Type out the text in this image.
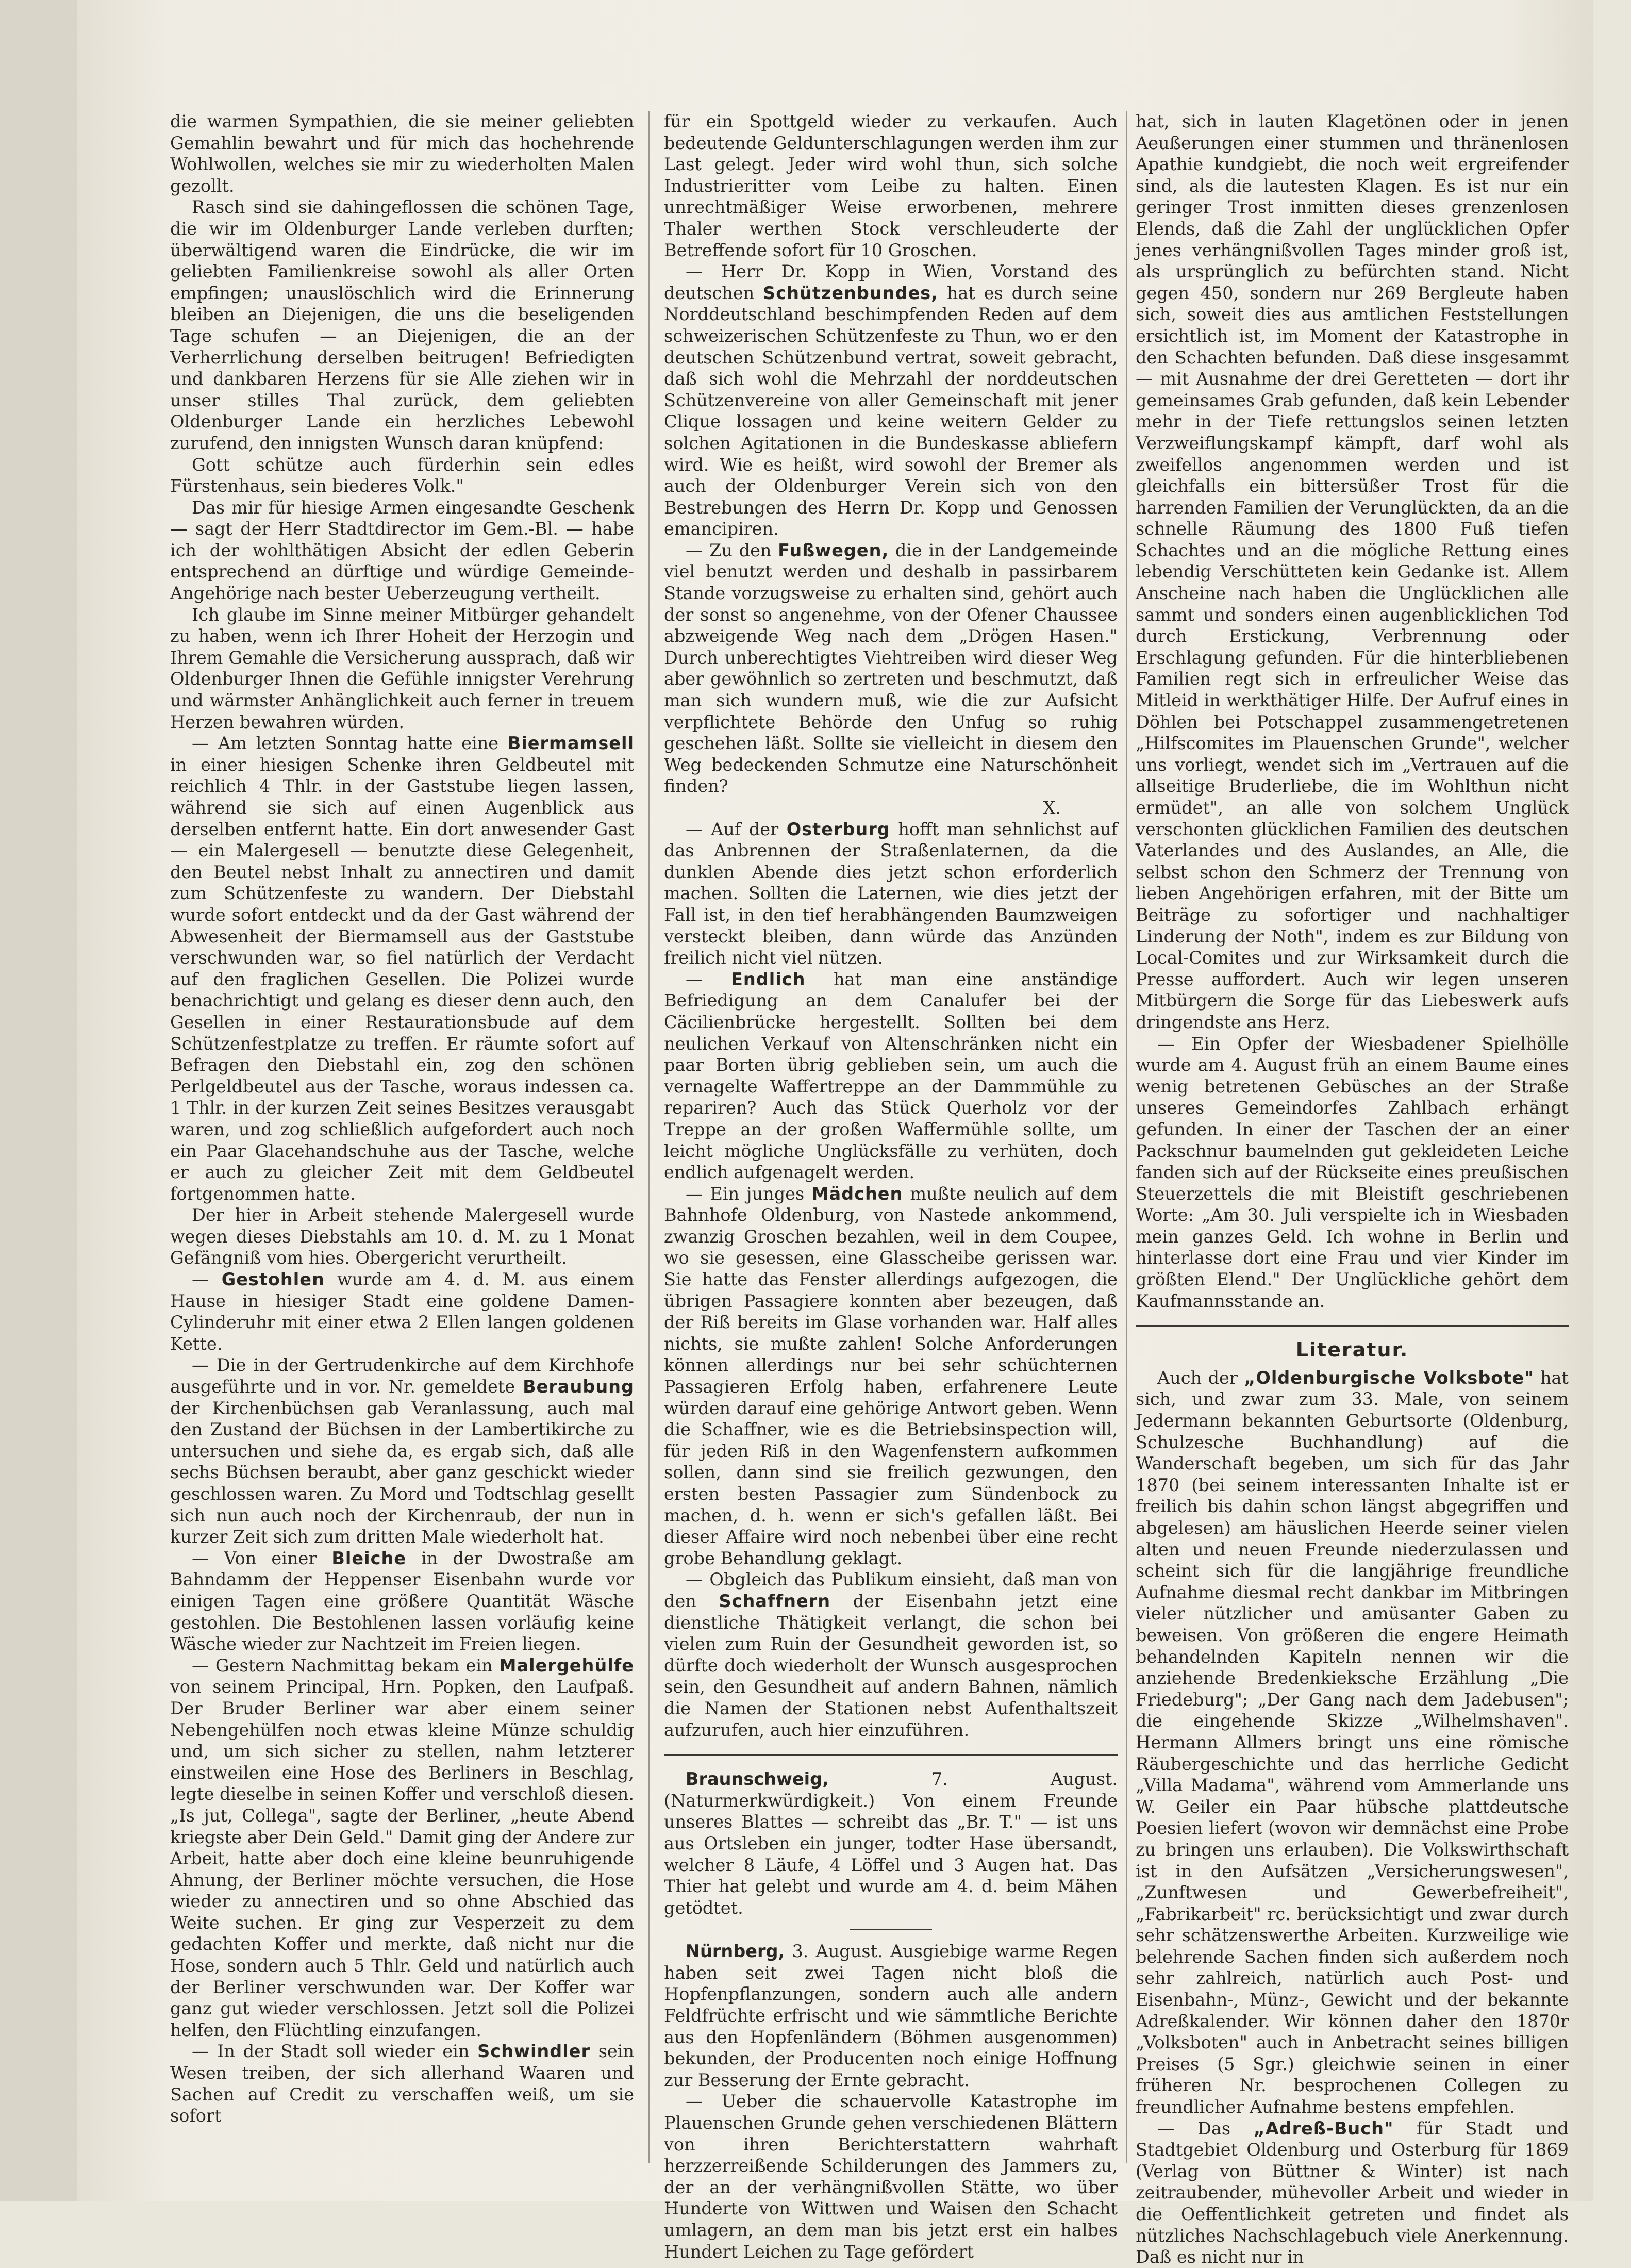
die warmen Sympathien, die sie meiner geliebten Gemahlin bewahrt und für mich das hochehrende Wohlwollen, welches sie mir zu wiederholten Malen gezollt.

Rasch sind sie dahingeflossen die schönen Tage, die wir im Oldenburger Lande verleben durften; überwältigend waren die Eindrücke, die wir im geliebten Familienkreise sowohl als aller Orten empfingen; unauslöschlich wird die Erinnerung bleiben an Diejenigen, die uns die beseligenden Tage schufen — an Diejenigen, die an der Verherrlichung derselben beitrugen! Befriedigten und dankbaren Herzens für sie Alle ziehen wir in unser stilles Thal zurück, dem geliebten Oldenburger Lande ein herzliches Lebewohl zurufend, den innigsten Wunsch daran knüpfend:

Gott schütze auch fürderhin sein edles Fürstenhaus, sein biederes Volk."

Das mir für hiesige Armen eingesandte Geschenk — sagt der Herr Stadtdirector im Gem.-Bl. — habe ich der wohlthätigen Absicht der edlen Geberin entsprechend an dürftige und würdige Gemeinde-Angehörige nach bester Ueberzeugung vertheilt.

Ich glaube im Sinne meiner Mitbürger gehandelt zu haben, wenn ich Ihrer Hoheit der Herzogin und Ihrem Gemahle die Versicherung aussprach, daß wir Oldenburger Ihnen die Gefühle innigster Verehrung und wärmster Anhänglichkeit auch ferner in treuem Herzen bewahren würden.

— Am letzten Sonntag hatte eine Biermamsell in einer hiesigen Schenke ihren Geldbeutel mit reichlich 4 Thlr. in der Gaststube liegen lassen, während sie sich auf einen Augenblick aus derselben entfernt hatte. Ein dort anwesender Gast — ein Malergesell — benutzte diese Gelegenheit, den Beutel nebst Inhalt zu annectiren und damit zum Schützenfeste zu wandern. Der Diebstahl wurde sofort entdeckt und da der Gast während der Abwesenheit der Biermamsell aus der Gaststube verschwunden war, so fiel natürlich der Verdacht auf den fraglichen Gesellen. Die Polizei wurde benachrichtigt und gelang es dieser denn auch, den Gesellen in einer Restaurationsbude auf dem Schützenfestplatze zu treffen. Er räumte sofort auf Befragen den Diebstahl ein, zog den schönen Perlgeldbeutel aus der Tasche, woraus indessen ca. 1 Thlr. in der kurzen Zeit seines Besitzes verausgabt waren, und zog schließlich aufgefordert auch noch ein Paar Glacehandschuhe aus der Tasche, welche er auch zu gleicher Zeit mit dem Geldbeutel fortgenommen hatte.

Der hier in Arbeit stehende Malergesell wurde wegen dieses Diebstahls am 10. d. M. zu 1 Monat Gefängniß vom hies. Obergericht verurtheilt.

— Gestohlen wurde am 4. d. M. aus einem Hause in hiesiger Stadt eine goldene Damen-Cylinderuhr mit einer etwa 2 Ellen langen goldenen Kette.

— Die in der Gertrudenkirche auf dem Kirchhofe ausgeführte und in vor. Nr. gemeldete Beraubung der Kirchenbüchsen gab Veranlassung, auch mal den Zustand der Büchsen in der Lambertikirche zu untersuchen und siehe da, es ergab sich, daß alle sechs Büchsen beraubt, aber ganz geschickt wieder geschlossen waren. Zu Mord und Todtschlag gesellt sich nun auch noch der Kirchenraub, der nun in kurzer Zeit sich zum dritten Male wiederholt hat.

— Von einer Bleiche in der Dwostraße am Bahndamm der Heppenser Eisenbahn wurde vor einigen Tagen eine größere Quantität Wäsche gestohlen. Die Bestohlenen lassen vorläufig keine Wäsche wieder zur Nachtzeit im Freien liegen.

— Gestern Nachmittag bekam ein Malergehülfe von seinem Principal, Hrn. Popken, den Laufpaß. Der Bruder Berliner war aber einem seiner Nebengehülfen noch etwas kleine Münze schuldig und, um sich sicher zu stellen, nahm letzterer einstweilen eine Hose des Berliners in Beschlag, legte dieselbe in seinen Koffer und verschloß diesen. „Is jut, Collega", sagte der Berliner, „heute Abend kriegste aber Dein Geld." Damit ging der Andere zur Arbeit, hatte aber doch eine kleine beunruhigende Ahnung, der Berliner möchte versuchen, die Hose wieder zu annectiren und so ohne Abschied das Weite suchen. Er ging zur Vesperzeit zu dem gedachten Koffer und merkte, daß nicht nur die Hose, sondern auch 5 Thlr. Geld und natürlich auch der Berliner verschwunden war. Der Koffer war ganz gut wieder verschlossen. Jetzt soll die Polizei helfen, den Flüchtling einzufangen.

— In der Stadt soll wieder ein Schwindler sein Wesen treiben, der sich allerhand Waaren und Sachen auf Credit zu verschaffen weiß, um sie sofort

für ein Spottgeld wieder zu verkaufen. Auch bedeutende Geldunterschlagungen werden ihm zur Last gelegt. Jeder wird wohl thun, sich solche Industrieritter vom Leibe zu halten. Einen unrechtmäßiger Weise erworbenen, mehrere Thaler werthen Stock verschleuderte der Betreffende sofort für 10 Groschen.

— Herr Dr. Kopp in Wien, Vorstand des deutschen Schützenbundes, hat es durch seine Norddeutschland beschimpfenden Reden auf dem schweizerischen Schützenfeste zu Thun, wo er den deutschen Schützenbund vertrat, soweit gebracht, daß sich wohl die Mehrzahl der norddeutschen Schützenvereine von aller Gemeinschaft mit jener Clique lossagen und keine weitern Gelder zu solchen Agitationen in die Bundeskasse abliefern wird. Wie es heißt, wird sowohl der Bremer als auch der Oldenburger Verein sich von den Bestrebungen des Herrn Dr. Kopp und Genossen emancipiren.

— Zu den Fußwegen, die in der Landgemeinde viel benutzt werden und deshalb in passirbarem Stande vorzugsweise zu erhalten sind, gehört auch der sonst so angenehme, von der Ofener Chaussee abzweigende Weg nach dem „Drögen Hasen." Durch unberechtigtes Viehtreiben wird dieser Weg aber gewöhnlich so zertreten und beschmutzt, daß man sich wundern muß, wie die zur Aufsicht verpflichtete Behörde den Unfug so ruhig geschehen läßt. Sollte sie vielleicht in diesem den Weg bedeckenden Schmutze eine Naturschönheit finden?

X.

— Auf der Osterburg hofft man sehnlichst auf das Anbrennen der Straßenlaternen, da die dunklen Abende dies jetzt schon erforderlich machen. Sollten die Laternen, wie dies jetzt der Fall ist, in den tief herabhängenden Baumzweigen versteckt bleiben, dann würde das Anzünden freilich nicht viel nützen.

— Endlich hat man eine anständige Befriedigung an dem Canalufer bei der Cäcilienbrücke hergestellt. Sollten bei dem neulichen Verkauf von Altenschränken nicht ein paar Borten übrig geblieben sein, um auch die vernagelte Waffertreppe an der Dammmühle zu repariren? Auch das Stück Querholz vor der Treppe an der großen Waffermühle sollte, um leicht mögliche Unglücksfälle zu verhüten, doch endlich aufgenagelt werden.

— Ein junges Mädchen mußte neulich auf dem Bahnhofe Oldenburg, von Nastede ankommend, zwanzig Groschen bezahlen, weil in dem Coupee, wo sie gesessen, eine Glasscheibe gerissen war. Sie hatte das Fenster allerdings aufgezogen, die übrigen Passagiere konnten aber bezeugen, daß der Riß bereits im Glase vorhanden war. Half alles nichts, sie mußte zahlen! Solche Anforderungen können allerdings nur bei sehr schüchternen Passagieren Erfolg haben, erfahrenere Leute würden darauf eine gehörige Antwort geben. Wenn die Schaffner, wie es die Betriebsinspection will, für jeden Riß in den Wagenfenstern aufkommen sollen, dann sind sie freilich gezwungen, den ersten besten Passagier zum Sündenbock zu machen, d. h. wenn er sich's gefallen läßt. Bei dieser Affaire wird noch nebenbei über eine recht grobe Behandlung geklagt.

— Obgleich das Publikum einsieht, daß man von den Schaffnern der Eisenbahn jetzt eine dienstliche Thätigkeit verlangt, die schon bei vielen zum Ruin der Gesundheit geworden ist, so dürfte doch wiederholt der Wunsch ausgesprochen sein, den Gesundheit auf andern Bahnen, nämlich die Namen der Stationen nebst Aufenthaltszeit aufzurufen, auch hier einzuführen.

Braunschweig,	7. August. (Naturmerkwürdigkeit.) Von einem Freunde unseres Blattes — schreibt das „Br. T." — ist uns aus Ortsleben ein junger, todter Hase übersandt, welcher 8 Läufe, 4 Löffel und 3 Augen hat. Das Thier hat gelebt und wurde am 4. d. beim Mähen getödtet.

Nürnberg, 3. August. Ausgiebige warme Regen haben seit zwei Tagen nicht bloß die Hopfenpflanzungen, sondern auch alle andern Feldfrüchte erfrischt und wie sämmtliche Berichte aus den Hopfenländern (Böhmen ausgenommen) bekunden, der Producenten noch einige Hoffnung zur Besserung der Ernte gebracht.

— Ueber die schauervolle Katastrophe im Plauenschen Grunde gehen verschiedenen Blättern von ihren Berichterstattern wahrhaft herzzerreißende Schilderungen des Jammers zu, der an der verhängnißvollen Stätte, wo über Hunderte von Wittwen und Waisen den Schacht umlagern, an dem man bis jetzt erst ein halbes Hundert Leichen zu Tage gefördert

hat, sich in lauten Klagetönen oder in jenen Aeußerungen einer stummen und thränenlosen Apathie kundgiebt, die noch weit ergreifender sind, als die lautesten Klagen. Es ist nur ein geringer Trost inmitten dieses grenzenlosen Elends, daß die Zahl der unglücklichen Opfer jenes verhängnißvollen Tages minder groß ist, als ursprünglich zu befürchten stand. Nicht gegen 450, sondern nur 269 Bergleute haben sich, soweit dies aus amtlichen Feststellungen ersichtlich ist, im Moment der Katastrophe in den Schachten befunden. Daß diese insgesammt — mit Ausnahme der drei Geretteten — dort ihr gemeinsames Grab gefunden, daß kein Lebender mehr in der Tiefe rettungslos seinen letzten Verzweiflungskampf kämpft, darf wohl als zweifellos angenommen werden und ist gleichfalls ein bittersüßer Trost für die harrenden Familien der Verunglückten, da an die schnelle Räumung des 1800 Fuß tiefen Schachtes und an die mögliche Rettung eines lebendig Verschütteten kein Gedanke ist. Allem Anscheine nach haben die Unglücklichen alle sammt und sonders einen augenblicklichen Tod durch Erstickung, Verbrennung oder Erschlagung gefunden. Für die hinterbliebenen Familien regt sich in erfreulicher Weise das Mitleid in werkthätiger Hilfe. Der Aufruf eines in Döhlen bei Potschappel zusammengetretenen „Hilfscomites im Plauenschen Grunde", welcher uns vorliegt, wendet sich im „Vertrauen auf die allseitige Bruderliebe, die im Wohlthun nicht ermüdet", an alle von solchem Unglück verschonten glücklichen Familien des deutschen Vaterlandes und des Auslandes, an Alle, die selbst schon den Schmerz der Trennung von lieben Angehörigen erfahren, mit der Bitte um Beiträge zu sofortiger und nachhaltiger Linderung der Noth", indem es zur Bildung von Local-Comites und zur Wirksamkeit durch die Presse auffordert. Auch wir legen unseren Mitbürgern die Sorge für das Liebeswerk aufs dringendste ans Herz.

— Ein Opfer der Wiesbadener Spielhölle wurde am 4. August früh an einem Baume eines wenig betretenen Gebüsches an der Straße unseres Gemeindorfes Zahlbach erhängt gefunden. In einer der Taschen der an einer Packschnur baumelnden gut gekleideten Leiche fanden sich auf der Rückseite eines preußischen Steuerzettels die mit Bleistift geschriebenen Worte: „Am 30. Juli verspielte ich in Wiesbaden mein ganzes Geld. Ich wohne in Berlin und hinterlasse dort eine Frau und vier Kinder im größten Elend." Der Unglückliche gehört dem Kaufmannsstande an.

Literatur.

Auch der „Oldenburgische Volksbote" hat sich, und zwar zum 33. Male, von seinem Jedermann bekannten Geburtsorte (Oldenburg, Schulzesche Buchhandlung) auf die Wanderschaft begeben, um sich für das Jahr 1870 (bei seinem interessanten Inhalte ist er freilich bis dahin schon längst abgegriffen und abgelesen) am häuslichen Heerde seiner vielen alten und neuen Freunde niederzulassen und scheint sich für die langjährige freundliche Aufnahme diesmal recht dankbar im Mitbringen vieler nützlicher und amüsanter Gaben zu beweisen. Von größeren die engere Heimath behandelnden Kapiteln nennen wir die anziehende Bredenkieksche Erzählung „Die Friedeburg"; „Der Gang nach dem Jadebusen"; die eingehende Skizze „Wilhelmshaven". Hermann Allmers bringt uns eine römische Räubergeschichte und das herrliche Gedicht „Villa Madama", während vom Ammerlande uns W. Geiler ein Paar hübsche plattdeutsche Poesien liefert (wovon wir demnächst eine Probe zu bringen uns erlauben). Die Volkswirthschaft ist in den Aufsätzen „Versicherungswesen", „Zunftwesen und Gewerbefreiheit", „Fabrikarbeit" rc. berücksichtigt und zwar durch sehr schätzenswerthe Arbeiten. Kurzweilige wie belehrende Sachen finden sich außerdem noch sehr zahlreich, natürlich auch Post- und Eisenbahn-, Münz-, Gewicht und der bekannte Adreßkalender. Wir können daher den 1870r „Volksboten" auch in Anbetracht seines billigen Preises (5 Sgr.) gleichwie seinen in einer früheren Nr. besprochenen Collegen zu freundlicher Aufnahme bestens empfehlen.

— Das „Adreß-Buch" für Stadt und Stadtgebiet Oldenburg und Osterburg für 1869 (Verlag von Büttner & Winter) ist nach zeitraubender, mühevoller Arbeit und wieder in die Oeffentlichkeit getreten und findet als nützliches Nachschlagebuch viele Anerkennung. Daß es nicht nur in
